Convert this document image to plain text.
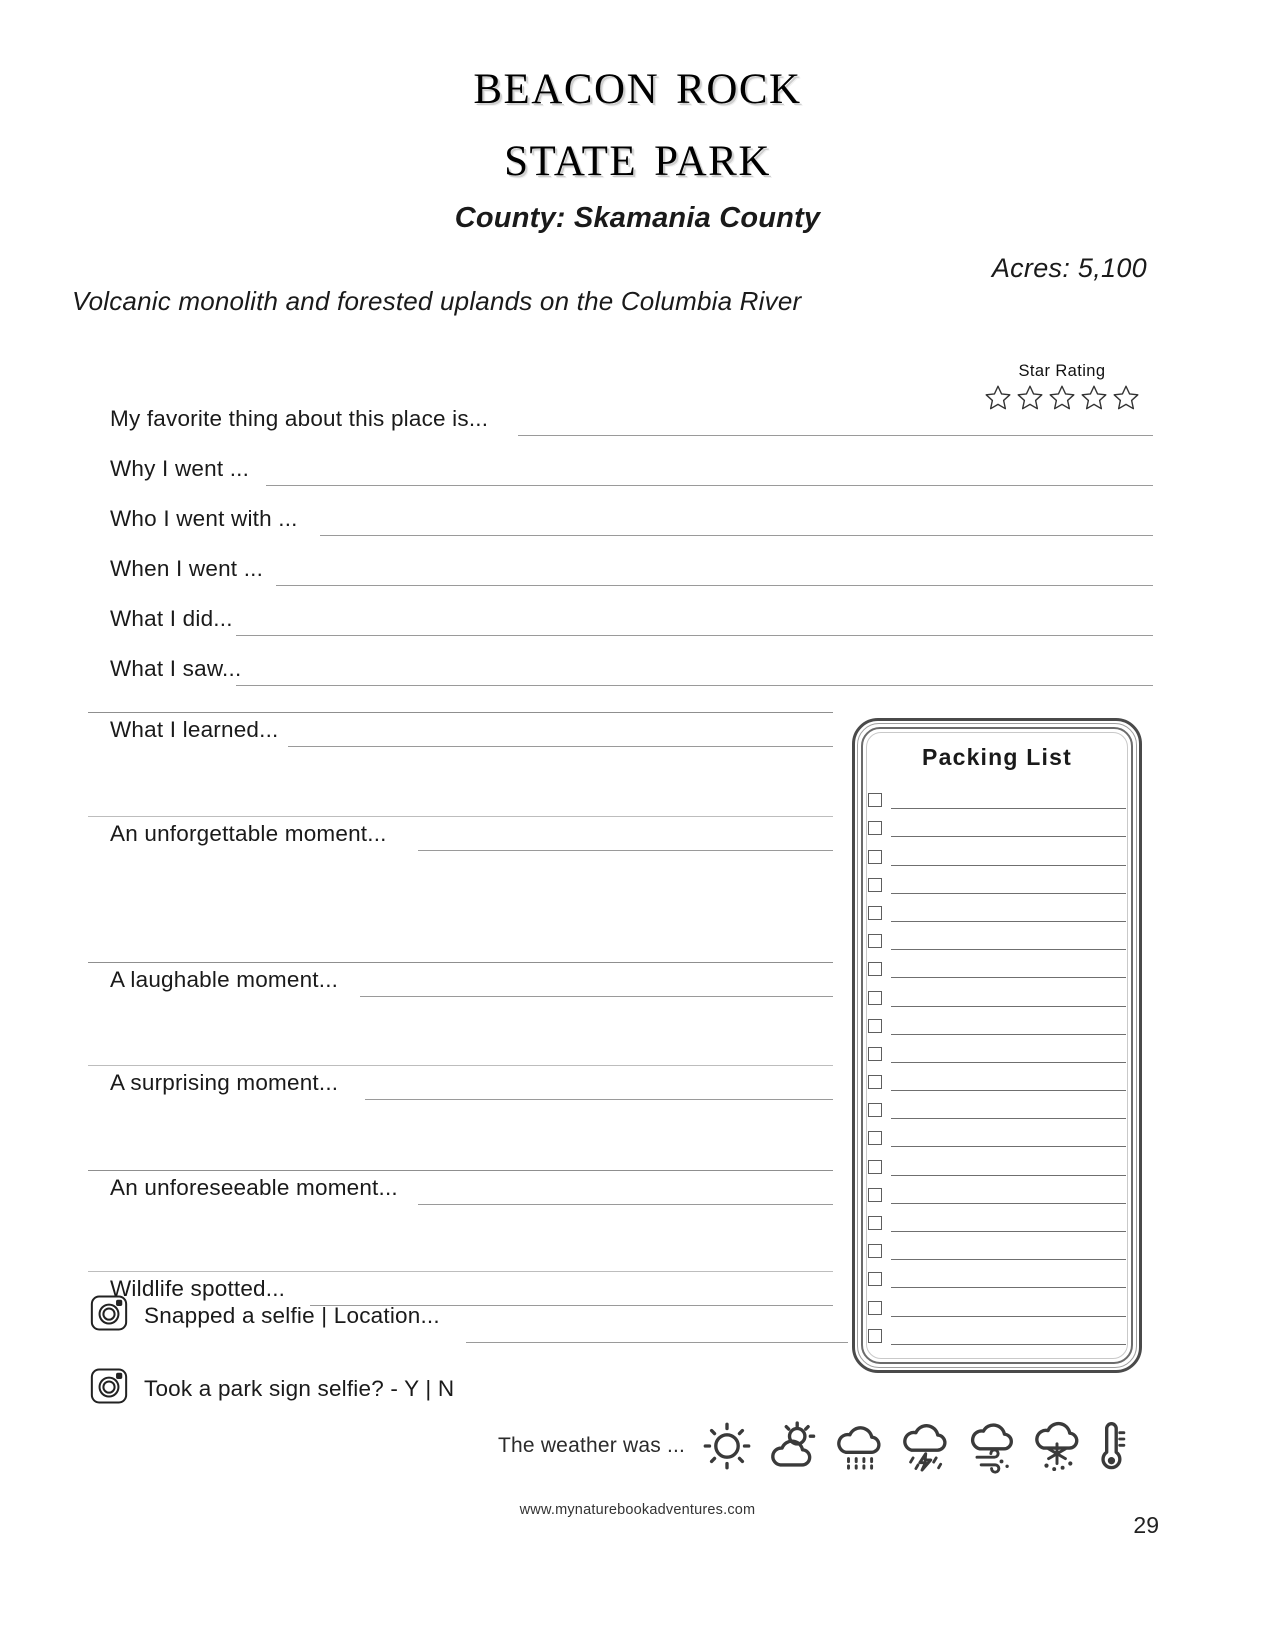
beacon rock
state park
County: Skamania County
Acres: 5,100
Volcanic monolith and forested uplands on the Columbia River
Star Rating
My favorite thing about this place is...
Why I went ...
Who I went with ...
When I went ...
What I did...
What I saw...
What I learned...
An unforgettable moment...
A laughable moment...
A surprising moment...
An unforeseeable moment...
Wildlife spotted...
Packing List
Snapped a selfie | Location...
Took a park sign selfie? - Y | N
The weather was ...
www.mynaturebookadventures.com
29
